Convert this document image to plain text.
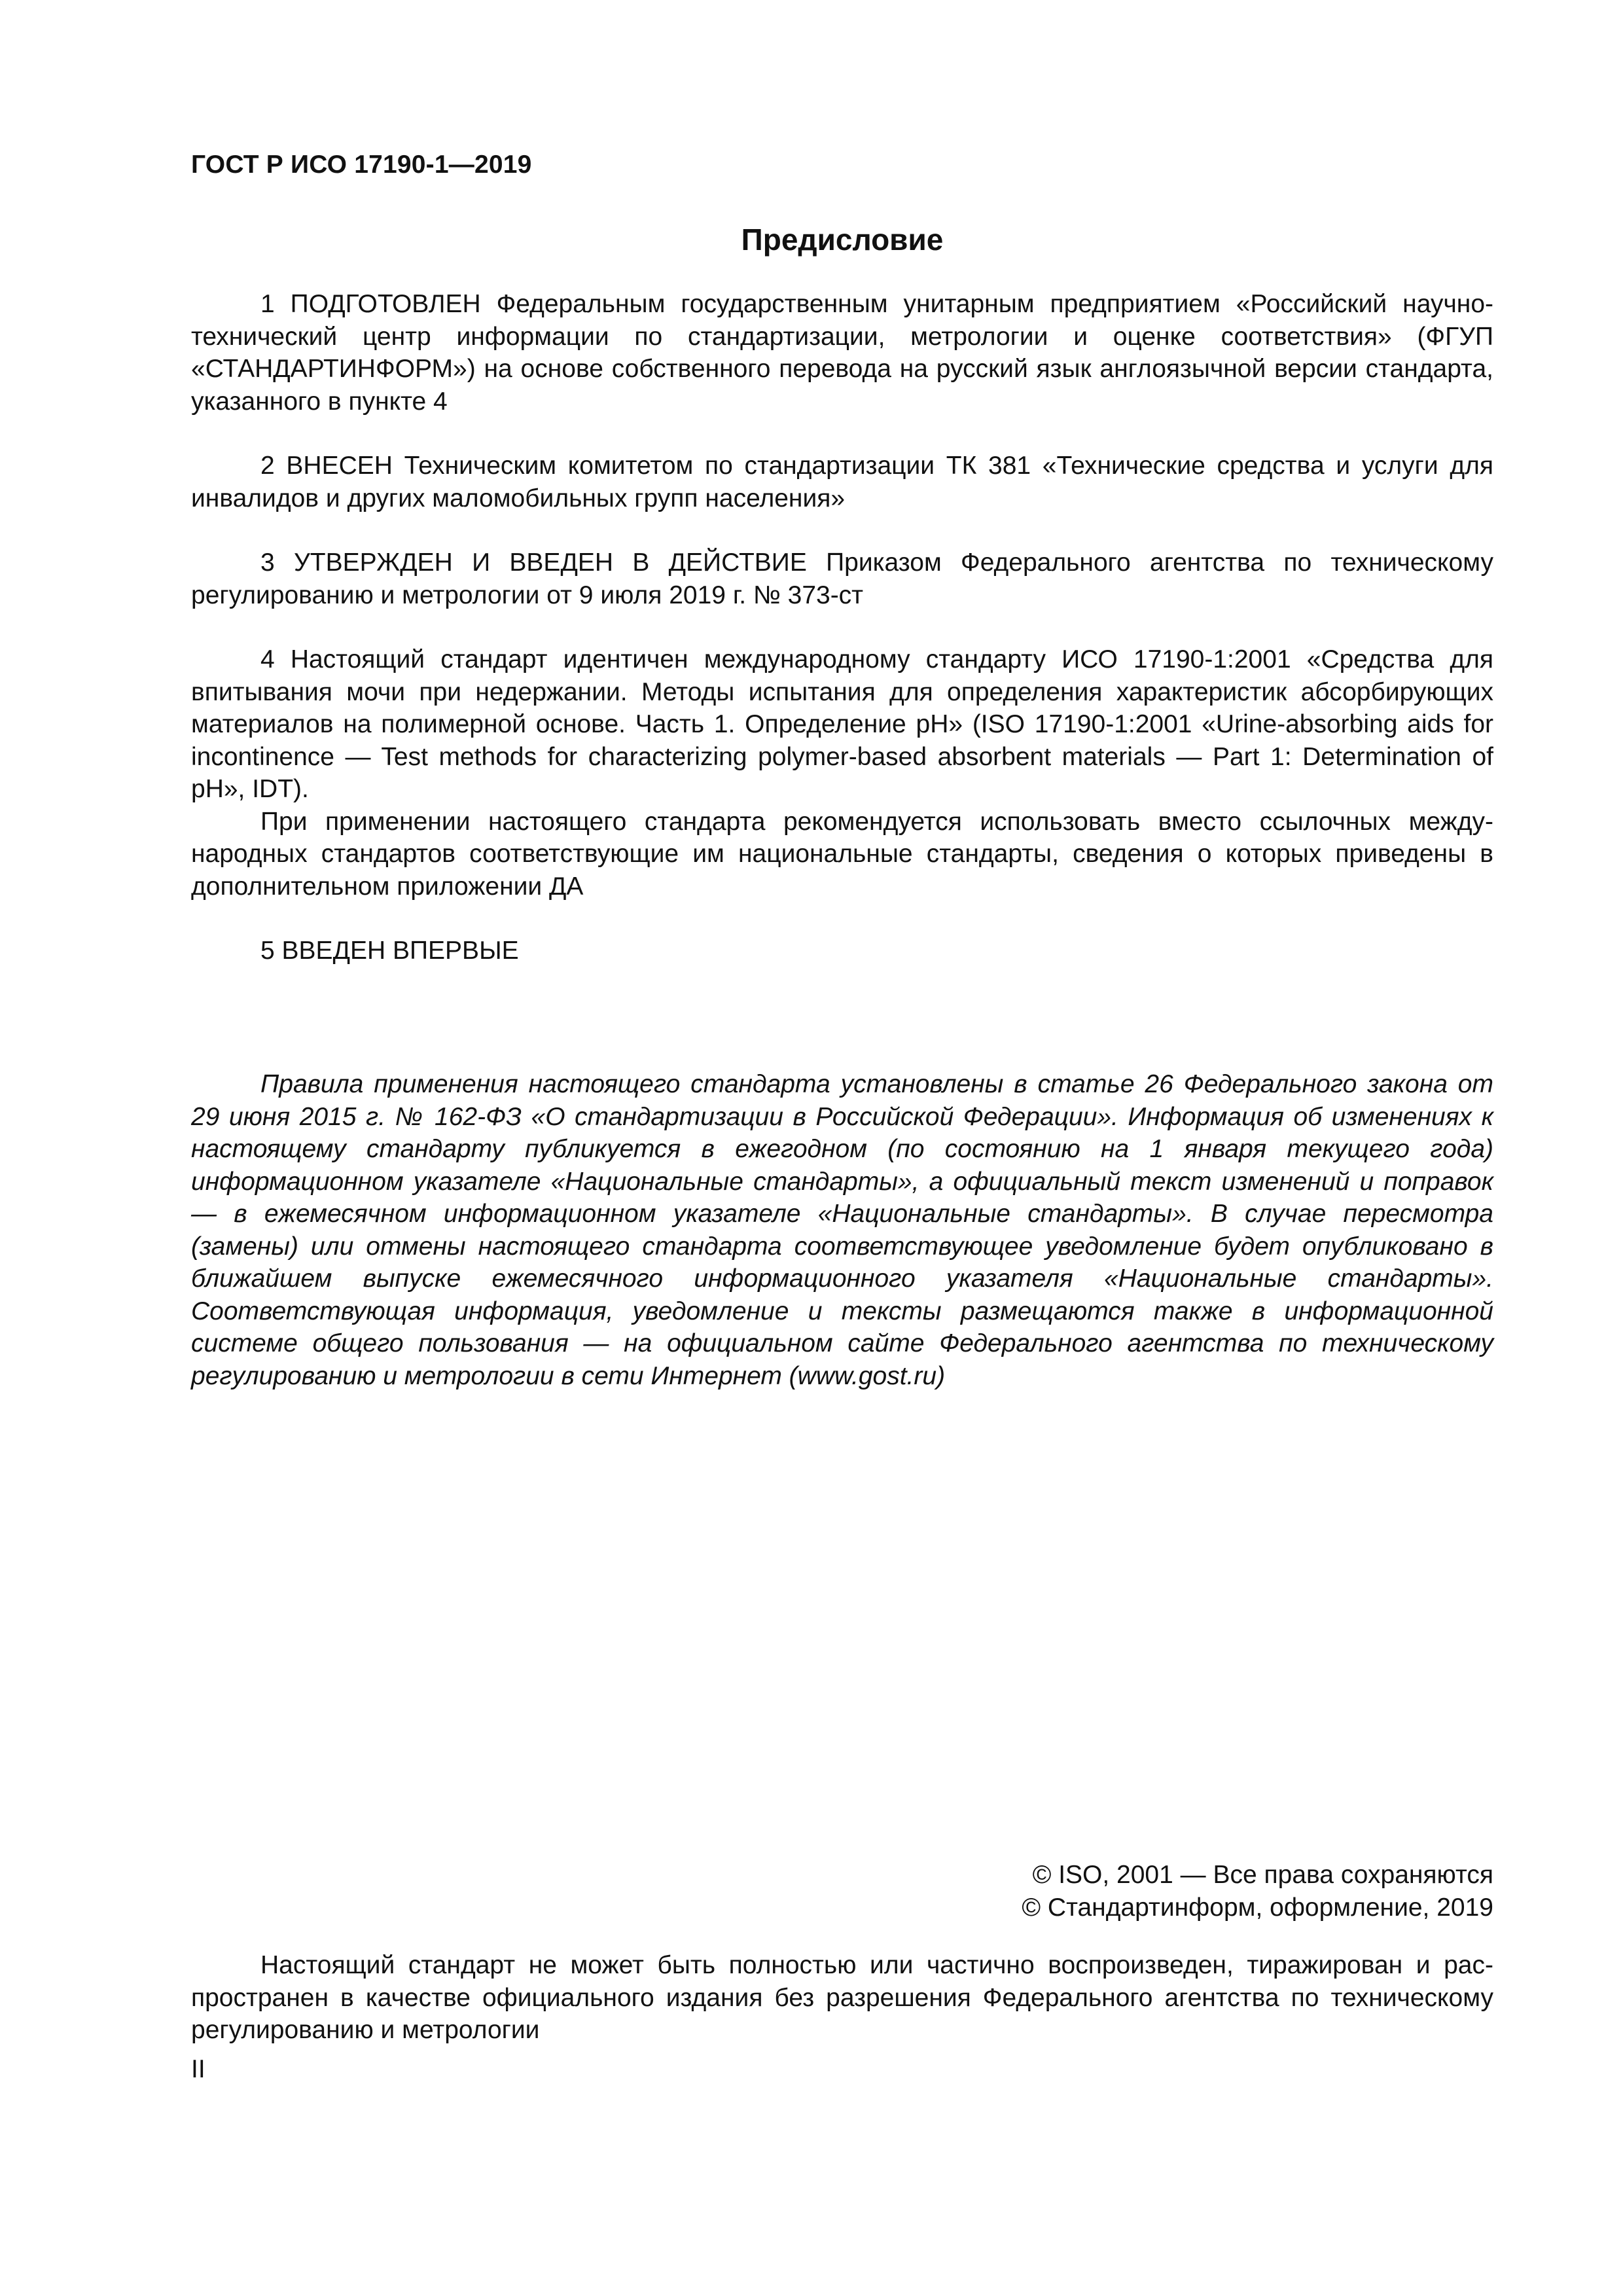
ГОСТ Р ИСО 17190-1—2019
Предисловие

1 ПОДГОТОВЛЕН Федеральным государственным унитарным предприятием «Российский научно-технический центр информации по стандартизации, метрологии и оценке соответствия» (ФГУП «СТАНДАРТИНФОРМ») на основе собственного перевода на русский язык англоязычной версии стандарта, указанного в пункте 4

2 ВНЕСЕН Техническим комитетом по стандартизации ТК 381 «Технические средства и услуги для инвалидов и других маломобильных групп населения»

3 УТВЕРЖДЕН И ВВЕДЕН В ДЕЙСТВИЕ Приказом Федерального агентства по техническому регулированию и метрологии от 9 июля 2019 г. № 373-ст

4 Настоящий стандарт идентичен международному стандарту ИСО 17190-1:2001 «Средства для впитывания мочи при недержании. Методы испытания для определения характеристик абсорбирующих материалов на полимерной основе. Часть 1. Определение pH» (ISO 17190-1:2001 «Urine-absorbing aids for incontinence — Test methods for characterizing polymer-based absorbent materials — Part 1: Determination of pH», IDT).

При применении настоящего стандарта рекомендуется использовать вместо ссылочных международных стандартов соответствующие им национальные стандарты, сведения о которых приведены в дополнительном приложении ДА

5 ВВЕДЕН ВПЕРВЫЕ

Правила применения настоящего стандарта установлены в статье 26 Федерального закона от 29 июня 2015 г. № 162-ФЗ «О стандартизации в Российской Федерации». Информация об изменениях к настоящему стандарту публикуется в ежегодном (по состоянию на 1 января текущего года) информационном указателе «Национальные стандарты», а официальный текст изменений и поправок — в ежемесячном информационном указателе «Национальные стандарты». В случае пересмотра (замены) или отмены настоящего стандарта соответствующее уведомление будет опубликовано в ближайшем выпуске ежемесячного информационного указателя «Национальные стандарты». Соответствующая информация, уведомление и тексты размещаются также в информационной системе общего пользования — на официальном сайте Федерального агентства по техническому регулированию и метрологии в сети Интернет (www.gost.ru)

© ISO, 2001 — Все права сохраняются
© Стандартинформ, оформление, 2019

Настоящий стандарт не может быть полностью или частично воспроизведен, тиражирован и распространен в качестве официального издания без разрешения Федерального агентства по техническому регулированию и метрологии

II
